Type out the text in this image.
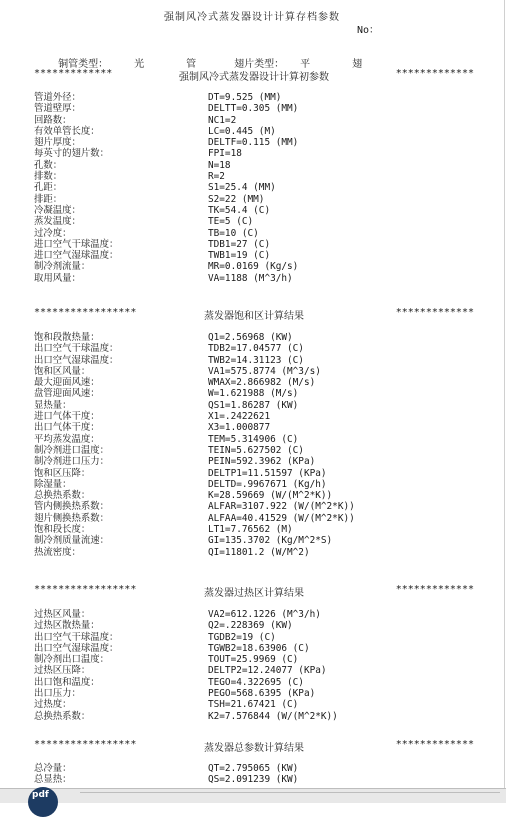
强制风冷式蒸发器设计计算存档参数
No：

铜管类型：	光 管 翅片类型： 平 翅

*************	强制风冷式蒸发器设计计算初参数	*************
管道外径：	DT=9.525 (MM)
管道壁厚：	DELTT=0.305 (MM)
回路数：	NC1=2
有效单管长度：	LC=0.445 (M)
翅片厚度：	DELTF=0.115 (MM)
每英寸的翅片数：	FPI=18
孔数：	N=18
排数：	R=2
孔距：	S1=25.4 (MM)
排距：	S2=22 (MM)
冷凝温度：	TK=54.4 (C)
蒸发温度：	TE=5 (C)
过冷度：	TB=10 (C)
进口空气干球温度：	TDB1=27 (C)
进口空气湿球温度：	TWB1=19 (C)
制冷剂流量：	MR=0.0169 (Kg/s)
取用风量：	VA=1188 (M^3/h)
*****************	蒸发器饱和区计算结果	*************
饱和段散热量：	Q1=2.56968 (KW)
出口空气干球温度：	TDB2=17.04577 (C)
出口空气湿球温度：	TWB2=14.31123 (C)
饱和区风量：	VA1=575.8774 (M^3/s)
最大迎面风速：	WMAX=2.866982 (M/s)
盘管迎面风速：	W=1.621988 (M/s)
显热量：	QS1=1.86287 (KW)
进口气体干度：	X1=.2422621
出口气体干度：	X3=1.000877
平均蒸发温度：	TEM=5.314906 (C)
制冷剂进口温度：	TEIN=5.627502 (C)
制冷剂进口压力：	PEIN=592.3962 (KPa)
饱和区压降：	DELTP1=11.51597 (KPa)
除湿量：	DELTD=.9967671 (Kg/h)
总换热系数：	K=28.59669 (W/(M^2*K))
管内侧换热系数：	ALFAR=3107.922 (W/(M^2*K))
翅片侧换热系数：	ALFAA=40.41529 (W/(M^2*K))
饱和段长度：	LT1=7.76562 (M)
制冷剂质量流速：	GI=135.3702 (Kg/M^2*S)
热流密度：	QI=11801.2 (W/M^2)
*****************	蒸发器过热区计算结果	*************
过热区风量：	VA2=612.1226 (M^3/h)
过热区散热量：	Q2=.228369 (KW)
出口空气干球温度：	TGDB2=19 (C)
出口空气湿球温度：	TGWB2=18.63906 (C)
制冷剂出口温度：	TOUT=25.9969 (C)
过热区压降：	DELTP2=12.24077 (KPa)
出口饱和温度：	TEGO=4.322695 (C)
出口压力：	PEGO=568.6395 (KPa)
过热度：	TSH=21.67421 (C)
总换热系数：	K2=7.576844 (W/(M^2*K))
*****************	蒸发器总参数计算结果	*************
总冷量：	QT=2.795065 (KW)
总显热：	QS=2.091239 (KW)
pdf
